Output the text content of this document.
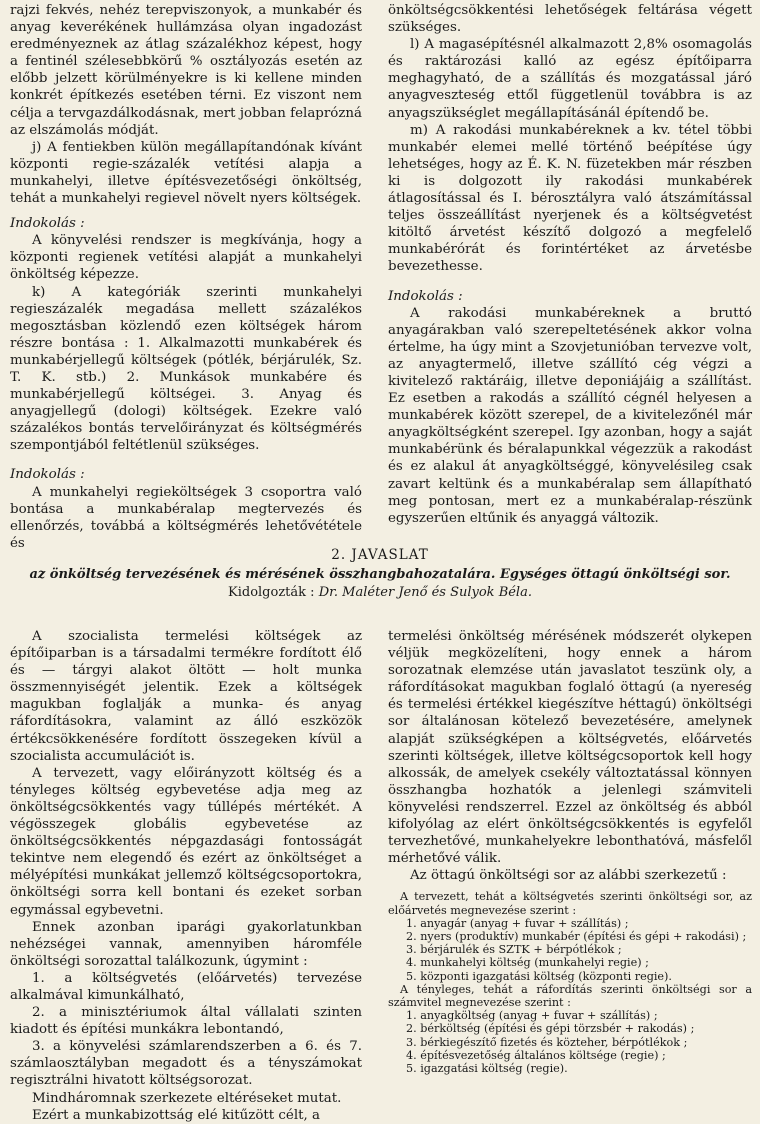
rajzi fekvés, nehéz terepviszonyok, a munkabér és anyag keverékének hullámzása olyan ingadozást eredményeznek az átlag százalékhoz képest, hogy a fentinél szélesebbkörű % osztályozás esetén az előbb jelzett körülményekre is ki kellene minden konkrét építkezés esetében térni. Ez viszont nem célja a tervgazdálkodásnak, mert jobban felaprózná az elszámolás módját.

j) A fentiekben külön megállapítandónak kívánt központi regie-százalék vetítési alapja a munkahelyi, illetve építésvezetőségi önköltség, tehát a munkahelyi regievel növelt nyers költségek.

Indokolás :

A könyvelési rendszer is megkívánja, hogy a központi regienek vetítési alapját a munkahelyi önköltség képezze.

k) A kategóriák szerinti munkahelyi regieszázalék megadása mellett százalékos megosztásban közlendő ezen költségek három részre bontása : 1. Alkalmazotti munkabérek és munkabérjellegű költségek (pótlék, bérjárulék, Sz. T. K. stb.) 2. Munkások munkabére és munkabérjellegű költségei. 3. Anyag és anyagjellegű (dologi) költségek. Ezekre való százalékos bontás tervelőirányzat és költségmérés szempontjából feltétlenül szükséges.

Indokolás :

A munkahelyi regieköltségek 3 csoportra való bontása a munkabéralap megtervezés és ellenőrzés, továbbá a költségmérés lehetővététele és

önköltségcsökkentési lehetőségek feltárása végett szükséges.

l) A magasépítésnél alkalmazott 2,8% osomagolás és raktározási kalló az egész építőiparra meghagyható, de a szállítás és mozgatással járó anyagveszteség ettől függetlenül továbbra is az anyagszükséglet megállapításánál építendő be.

m) A rakodási munkabéreknek a kv. tétel többi munkabér elemei mellé történő beépítése úgy lehetséges, hogy az É. K. N. füzetekben már részben ki is dolgozott ily rakodási munkabérek átlagosítással és I. bérosztályra való átszámítással teljes összeállítást nyerjenek és a költségvetést kitöltő árvetést készítő dolgozó a megfelelő munkabérórát és forintértéket az árvetésbe bevezethesse.

Indokolás :

A rakodási munkabéreknek a bruttó anyagárakban való szerepeltetésének akkor volna értelme, ha úgy mint a Szovjetunióban tervezve volt, az anyagtermelő, illetve szállító cég végzi a kivitelező raktáráig, illetve deponiájáig a szállítást. Ez esetben a rakodás a szállító cégnél helyesen a munkabérek között szerepel, de a kivitelezőnél már anyagköltségként szerepel. Igy azonban, hogy a saját munkabérünk és béralapunkkal végezzük a rakodást és ez alakul át anyagköltséggé, könyvelésileg csak zavart keltünk és a munkabéralap sem állapítható meg pontosan, mert ez a munkabéralap-részünk egyszerűen eltűnik és anyaggá változik.

2. JAVASLAT
az önköltség tervezésének és mérésének összhangbahozatalára. Egységes öttagú önköltségi sor.
Kidolgozták : Dr. Maléter Jenő és Sulyok Béla.

A szocialista termelési költségek az építőiparban is a társadalmi termékre fordított élő és — tárgyi alakot öltött — holt munka összmennyiségét jelentik. Ezek a költségek magukban foglalják a munka- és anyag ráfordításokra, valamint az álló eszközök értékcsökkenésére fordított összegeken kívül a szocialista accumulációt is.

A tervezett, vagy előirányzott költség és a tényleges költség egybevetése adja meg az önköltségcsökkentés vagy túllépés mértékét. A végösszegek globális egybevetése az önköltségcsökkentés népgazdasági fontosságát tekintve nem elegendő és ezért az önköltséget a mélyépítési munkákat jellemző költségcsoportokra, önköltségi sorra kell bontani és ezeket sorban egymással egybevetni.

Ennek azonban iparági gyakorlatunkban nehézségei vannak, amennyiben háromféle önköltségi sorozattal találkozunk, úgymint :

1. a költségvetés (előárvetés) tervezése alkalmával kimunkálható,

2. a minisztériumok által vállalati szinten kiadott és építési munkákra lebontandó,

3. a könyvelési számlarendszerben a 6. és 7. számlaosztályban megadott és a tényszámokat regisztrálni hivatott költségsorozat.

Mindháromnak szerkezete eltéréseket mutat.

Ezért a munkabizottság elé kitűzött célt, a

termelési önköltség mérésének módszerét olykepen véljük megközelíteni, hogy ennek a három sorozatnak elemzése után javaslatot teszünk oly, a ráfordításokat magukban foglaló öttagú (a nyereség és termelési értékkel kiegészítve héttagú) önköltségi sor általánosan kötelező bevezetésére, amelynek alapját szükségképen a költségvetés, előárvetés szerinti költségek, illetve költségcsoportok kell hogy alkossák, de amelyek csekély változtatással könnyen összhangba hozhatók a jelenlegi számviteli könyvelési rendszerrel. Ezzel az önköltség és abból kifolyólag az elért önköltségcsökkentés is egyfelől tervezhetővé, munkahelyekre lebonthatóvá, másfelől mérhetővé válik.

Az öttagú önköltségi sor az alábbi szerkezetű :

A tervezett, tehát a költségvetés szerinti önköltségi sor, az előárvetés megnevezése szerint :

1. anyagár (anyag + fuvar + szállítás) ;

2. nyers (produktív) munkabér (építési és gépi + rakodási) ;

3. bérjárulék és SZTK + bérpótlékok ;

4. munkahelyi költség (munkahelyi regie) ;

5. központi igazgatási költség (központi regie).

A tényleges, tehát a ráfordítás szerinti önköltségi sor a számvitel megnevezése szerint :

1. anyagköltség (anyag + fuvar + szállítás) ;

2. bérköltség (építési és gépi törzsbér + rakodás) ;

3. bérkiegészítő fizetés és közteher, bérpótlékok ;

4. építésvezetőség általános költsége (regie) ;

5. igazgatási költség (regie).
